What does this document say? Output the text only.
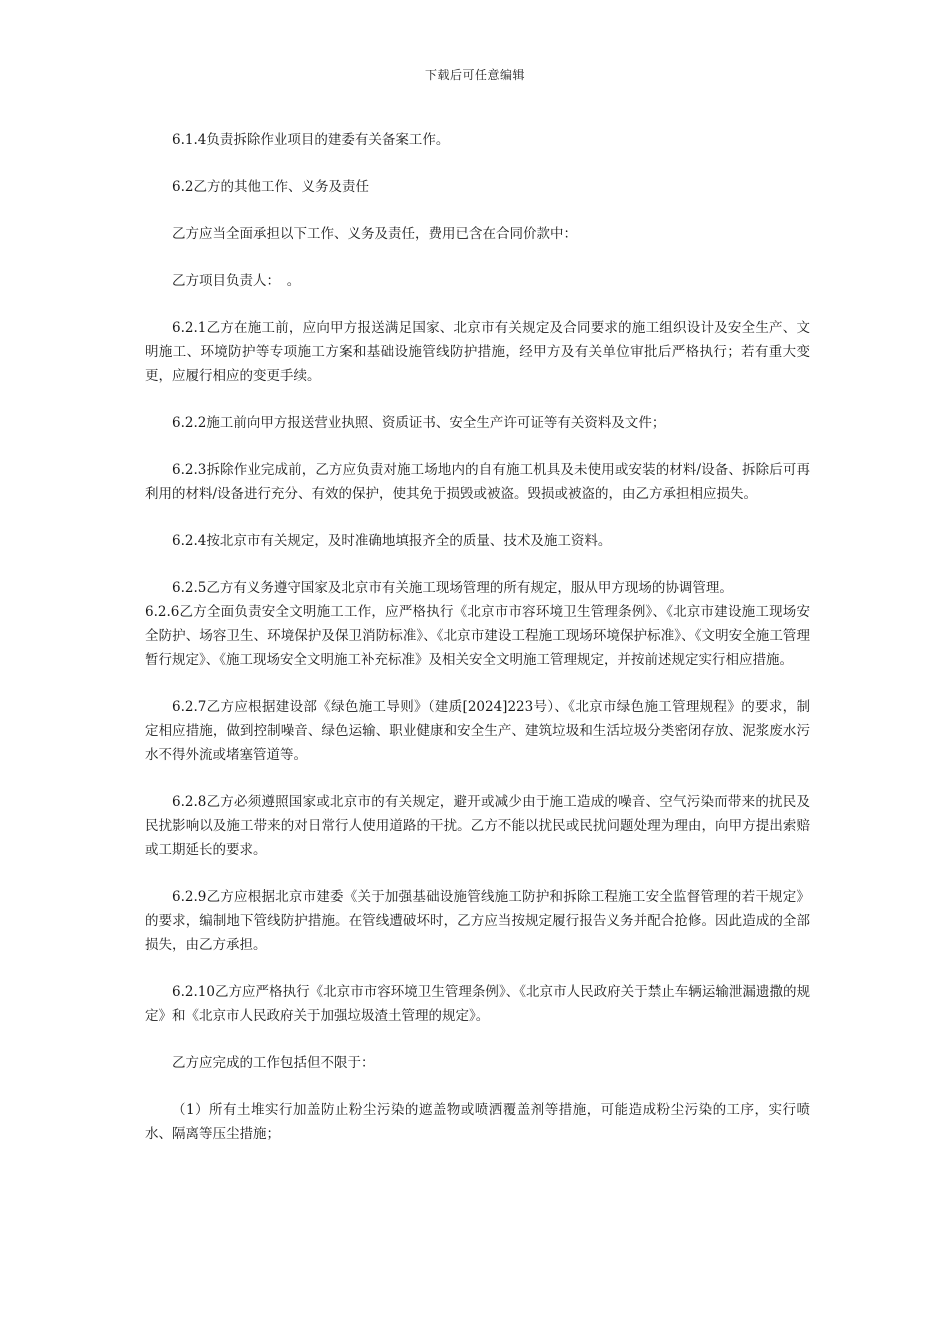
下载后可任意编辑

6.1.4负责拆除作业项目的建委有关备案工作。

6.2乙方的其他工作、义务及责任

乙方应当全面承担以下工作、义务及责任，费用已含在合同价款中：

乙方项目负责人：　。

6.2.1乙方在施工前，应向甲方报送满足国家、北京市有关规定及合同要求的施工组织设计及安全生产、文明施工、环境防护等专项施工方案和基础设施管线防护措施，经甲方及有关单位审批后严格执行；若有重大变更，应履行相应的变更手续。

6.2.2施工前向甲方报送营业执照、资质证书、安全生产许可证等有关资料及文件；

6.2.3拆除作业完成前，乙方应负责对施工场地内的自有施工机具及未使用或安装的材料/设备、拆除后可再利用的材料/设备进行充分、有效的保护，使其免于损毁或被盗。毁损或被盗的，由乙方承担相应损失。

6.2.4按北京市有关规定，及时准确地填报齐全的质量、技术及施工资料。

6.2.5乙方有义务遵守国家及北京市有关施工现场管理的所有规定，服从甲方现场的协调管理。

6.2.6乙方全面负责安全文明施工工作，应严格执行《北京市市容环境卫生管理条例》、《北京市建设施工现场安全防护、场容卫生、环境保护及保卫消防标准》、《北京市建设工程施工现场环境保护标准》、《文明安全施工管理暂行规定》、《施工现场安全文明施工补充标准》及相关安全文明施工管理规定，并按前述规定实行相应措施。

6.2.7乙方应根据建设部《绿色施工导则》（建质[2024]223号）、《北京市绿色施工管理规程》的要求，制定相应措施，做到控制噪音、绿色运输、职业健康和安全生产、建筑垃圾和生活垃圾分类密闭存放、泥浆废水污水不得外流或堵塞管道等。

6.2.8乙方必须遵照国家或北京市的有关规定，避开或减少由于施工造成的噪音、空气污染而带来的扰民及民扰影响以及施工带来的对日常行人使用道路的干扰。乙方不能以扰民或民扰问题处理为理由，向甲方提出索赔或工期延长的要求。

6.2.9乙方应根据北京市建委《关于加强基础设施管线施工防护和拆除工程施工安全监督管理的若干规定》的要求，编制地下管线防护措施。在管线遭破坏时，乙方应当按规定履行报告义务并配合抢修。因此造成的全部损失，由乙方承担。

6.2.10乙方应严格执行《北京市市容环境卫生管理条例》、《北京市人民政府关于禁止车辆运输泄漏遗撒的规定》和《北京市人民政府关于加强垃圾渣土管理的规定》。

乙方应完成的工作包括但不限于：

（1）所有土堆实行加盖防止粉尘污染的遮盖物或喷洒覆盖剂等措施，可能造成粉尘污染的工序，实行喷水、隔离等压尘措施；
